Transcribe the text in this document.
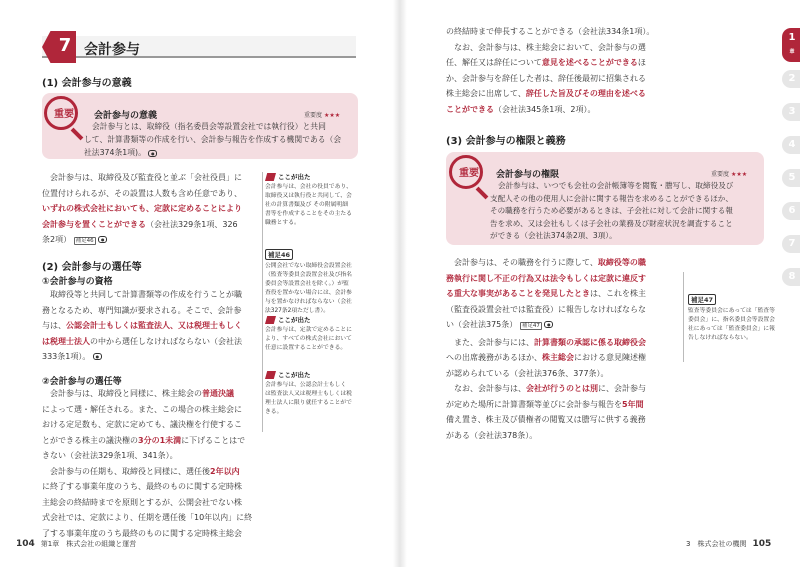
7 会計参与
(1) 会計参与の意義
重要	会計参与の意義	重要度 ★★★
会計参与とは、取締役（指名委員会等設置会社では執行役）と共同
して、計算書類等の作成を行い、会計参与報告を作成する機関である（会
社法374条1項)。 ●
会計参与は、取締役及び監査役と並ぶ「会社役員」に
位置付けられるが、その設置は人数も含め任意であり、
いずれの株式会社においても、定款に定めることにより
会計参与を置くことができる（会社法329条1項、326
条2項） 補足46 ●
(2) 会計参与の選任等
①会計参与の資格
取締役等と共同して計算書類等の作成を行うことが職
務となるため、専門知識が要求される。そこで、会計参
与は、公認会計士もしくは監査法人、又は税理士もしく
は税理士法人の中から選任しなければならない（会社法
333条1項）。 ●
②会計参与の選任等
会計参与は、取締役と同様に、株主総会の普通決議
によって選・解任される。また、この場合の株主総会に
おける定足数も、定款に定めても、議決権を行使するこ
とができる株主の議決権の3分の1未満に下げることはで
きない（会社法329条1項、341条）。
会計参与の任期も、取締役と同様に、選任後2年以内
に終了する事業年度のうち、最終のものに関する定時株
主総会の終結時までを原則とするが、公開会社でない株
式会社では、定款により、任期を選任後「10年以内」に終
了する事業年度のうち最終のものに関する定時株主総会
ここが出た
会計参与は、会社の役員であり、
取締役又は執行役と共同して、会
社の計算書類及び その附属明細
書等を作成することをその主たる
職務とする。
補足46
公開会社でない取締役会設置会社
（監査等委員会設置会社及び指名
委員会等設置会社を除く。）が監
査役を置かない場合には、会計参
与を置かなければならない（会社
法327条2項ただし書）。
ここが出た
会計参与は、定款で定めることに
より、すべての株式会社において
任意に設置することができる。
ここが出た
会計参与は、公認会計士もしく
は監査法人又は税理士もしくは税
理士法人に限り就任することがで
きる。
104 第1章　株式会社の組織と運営
の終結時まで伸長することができる（会社法334条1項）。
なお、会計参与は、株主総会において、会計参与の選
任、解任又は辞任について意見を述べることができるほ
か、会計参与を辞任した者は、辞任後最初に招集される
株主総会に出席して、辞任した旨及びその理由を述べる
ことができる（会社法345条1項、2項）。
(3) 会計参与の権限と義務
重要	会計参与の権限	重要度 ★★★
会計参与は、いつでも会社の会計帳簿等を閲覧・謄写し、取締役及び
支配人その他の使用人に会計に関する報告を求めることができるほか、
その職務を行うため必要があるときは、子会社に対して会計に関する報
告を求め、又は会社もしくは子会社の業務及び財産状況を調査すること
ができる（会社法374条2項、3項）。
会計参与は、その職務を行うに際して、取締役等の職
務執行に関し不正の行為又は法令もしくは定款に違反す
る重大な事実があることを発見したときは、これを株主
（監査役設置会社では監査役）に報告しなければならな
い（会社法375条） 補足47 ●
また、会計参与には、計算書類の承認に係る取締役会
への出席義務があるほか、株主総会における意見陳述権
が認められている（会社法376条、377条）。
なお、会計参与は、会社が行うのとは別に、会計参与
が定めた場所に計算書類等並びに会計参与報告を5年間
備え置き、株主及び債権者の閲覧又は謄写に供する義務
がある（会社法378条）。
補足47
監査等委員会にあっては「監査等
委員会」に、指名委員会等設置会
社にあっては「監査委員会」に報
告しなければならない。
1
章
2
3
4
5
6
7
8
3　株式会社の機関 105
